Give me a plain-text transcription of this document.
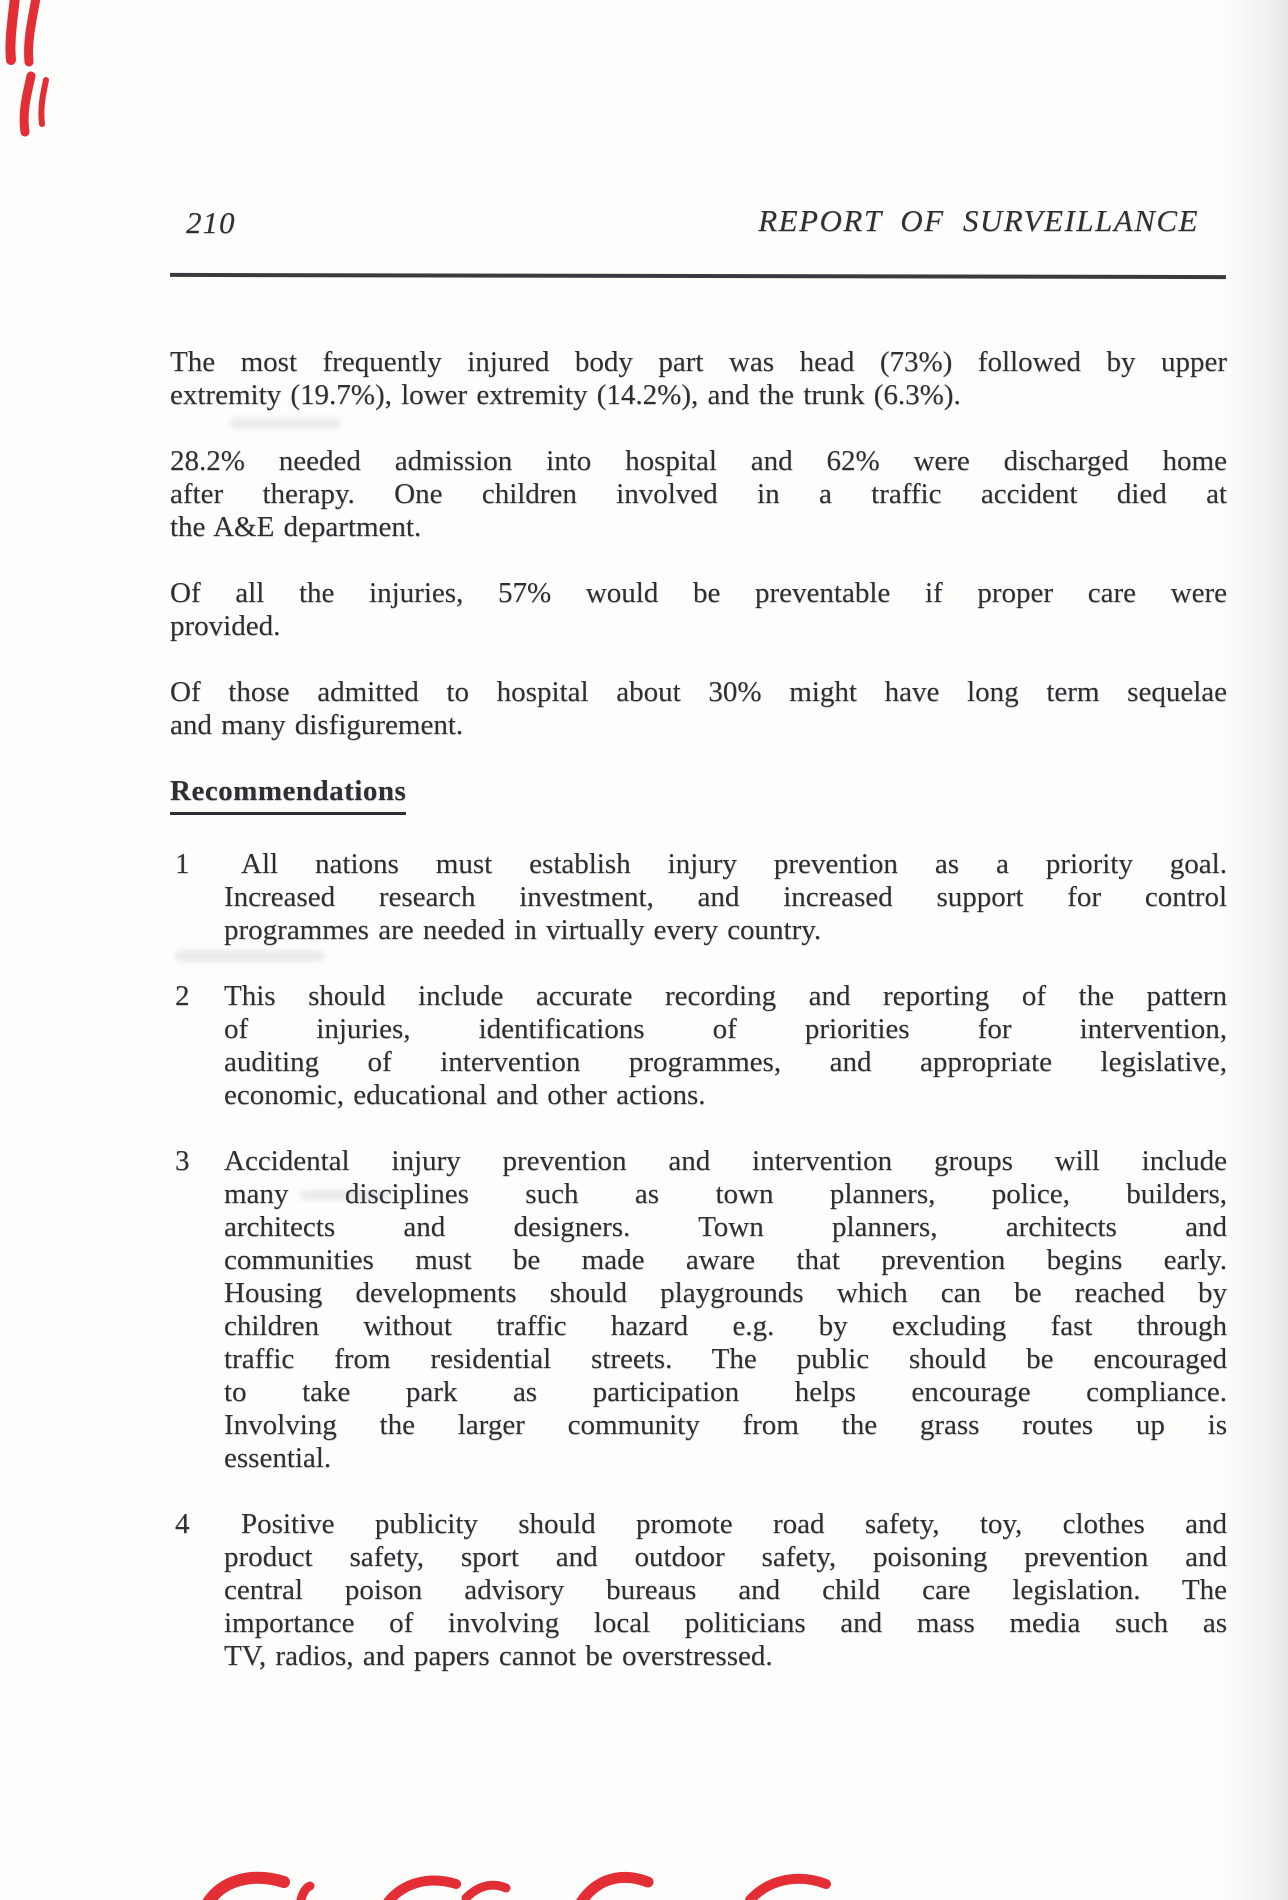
210	REPORT OF SURVEILLANCE
The most frequently injured body part was head (73%) followed by upper
extremity (19.7%), lower extremity (14.2%), and the trunk (6.3%).
28.2% needed admission into hospital and 62% were discharged home
after therapy. One children involved in a traffic accident died at
the A&E department.
Of all the injuries, 57% would be preventable if proper care were
provided.
Of those admitted to hospital about 30% might have long term sequelae
and many disfigurement.
Recommendations
1	All nations must establish injury prevention as a priority goal.
Increased research investment, and increased support for control
programmes are needed in virtually every country.
2 This should include accurate recording and reporting of the pattern
of injuries, identifications of priorities for intervention,
auditing of intervention programmes, and appropriate legislative,
economic, educational and other actions.
3 Accidental injury prevention and intervention groups will include
many disciplines such as town planners, police, builders,
architects and designers. Town planners, architects and
communities must be made aware that prevention begins early.
Housing developments should playgrounds which can be reached by
children without traffic hazard e.g. by excluding fast through
traffic from residential streets. The public should be encouraged
to take park as participation helps encourage compliance.
Involving the larger community from the grass routes up is
essential.
4	Positive publicity should promote road safety, toy, clothes and
product safety, sport and outdoor safety, poisoning prevention and
central poison advisory bureaus and child care legislation. The
importance of involving local politicians and mass media such as
TV, radios, and papers cannot be overstressed.
